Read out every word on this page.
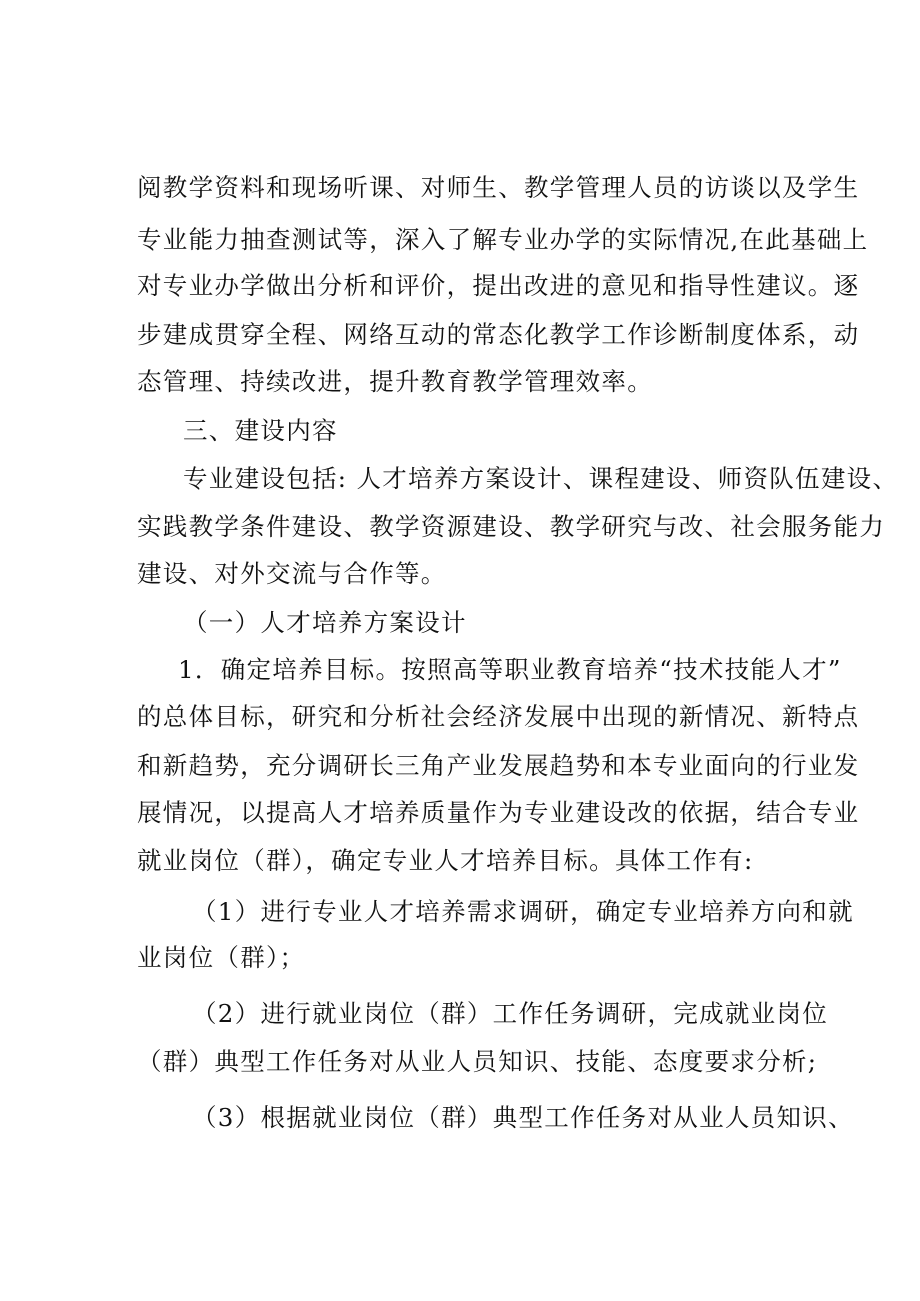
阅教学资料和现场听课、对师生、教学管理人员的访谈以及学生
专业能力抽查测试等，深入了解专业办学的实际情况,在此基础上
对专业办学做出分析和评价，提出改进的意见和指导性建议。逐
步建成贯穿全程、网络互动的常态化教学工作诊断制度体系，动
态管理、持续改进，提升教育教学管理效率。
三、建设内容
专业建设包括: 人才培养方案设计、课程建设、师资队伍建设、
实践教学条件建设、教学资源建设、教学研究与改、社会服务能力
建设、对外交流与合作等。
（一）人才培养方案设计
1．确定培养目标。按照高等职业教育培养“技术技能人才”
的总体目标，研究和分析社会经济发展中出现的新情况、新特点
和新趋势，充分调研长三角产业发展趋势和本专业面向的行业发
展情况，以提高人才培养质量作为专业建设改的依据，结合专业
就业岗位（群），确定专业人才培养目标。具体工作有:
（1）进行专业人才培养需求调研，确定专业培养方向和就
业岗位（群）；
（2）进行就业岗位（群）工作任务调研，完成就业岗位
（群）典型工作任务对从业人员知识、技能、态度要求分析;
（3）根据就业岗位（群）典型工作任务对从业人员知识、
